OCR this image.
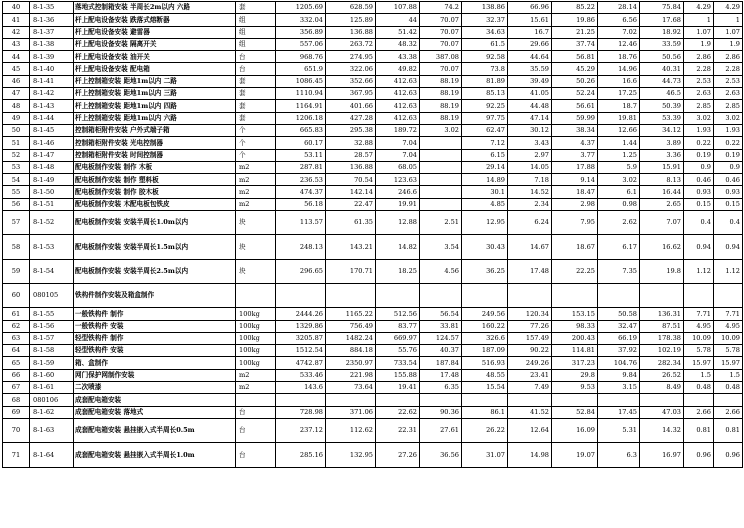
40	8-1-35	落地式控制箱安装 半周长2m以内 六路	套	1205.69	628.59	107.88	74.2	138.86	66.96	85.22	28.14	75.84	4.29	4.29
41	8-1-36	杆上配电设备安装 跌落式熔断器	组	332.04	125.89	44	70.07	32.37	15.61	19.86	6.56	17.68	1	1
42	8-1-37	杆上配电设备安装 避雷器	组	356.89	136.88	51.42	70.07	34.63	16.7	21.25	7.02	18.92	1.07	1.07
43	8-1-38	杆上配电设备安装 隔离开关	组	557.06	263.72	48.32	70.07	61.5	29.66	37.74	12.46	33.59	1.9	1.9
44	8-1-39	杆上配电设备安装 油开关	台	968.76	274.95	43.38	387.08	92.58	44.64	56.81	18.76	50.56	2.86	2.86
45	8-1-40	杆上配电设备安装 配电箱	台	651.9	322.06	49.82	70.07	73.8	35.59	45.29	14.96	40.31	2.28	2.28
46	8-1-41	杆上控制箱安装 距地1m以内 二路	套	1086.45	352.66	412.63	88.19	81.89	39.49	50.26	16.6	44.73	2.53	2.53
47	8-1-42	杆上控制箱安装 距地1m以内 三路	套	1110.94	367.95	412.63	88.19	85.13	41.05	52.24	17.25	46.5	2.63	2.63
48	8-1-43	杆上控制箱安装 距地1m以内 四路	套	1164.91	401.66	412.63	88.19	92.25	44.48	56.61	18.7	50.39	2.85	2.85
49	8-1-44	杆上控制箱安装 距地1m以内 六路	套	1206.18	427.28	412.63	88.19	97.75	47.14	59.99	19.81	53.39	3.02	3.02
50	8-1-45	控制箱柜附件安装 户外式端子箱	个	665.83	295.38	189.72	3.02	62.47	30.12	38.34	12.66	34.12	1.93	1.93
51	8-1-46	控制箱柜附件安装 光电控制器	个	60.17	32.88	7.04		7.12	3.43	4.37	1.44	3.89	0.22	0.22
52	8-1-47	控制箱柜附件安装 时间控制器	个	53.11	28.57	7.04		6.15	2.97	3.77	1.25	3.36	0.19	0.19
53	8-1-48	配电板制作安装 制作 木板	m2	287.81	136.88	68.05		29.14	14.05	17.88	5.9	15.91	0.9	0.9
54	8-1-49	配电板制作安装 制作 塑料板	m2	236.53	70.54	123.63		14.89	7.18	9.14	3.02	8.13	0.46	0.46
55	8-1-50	配电板制作安装 制作 胶木板	m2	474.37	142.14	246.6		30.1	14.52	18.47	6.1	16.44	0.93	0.93
56	8-1-51	配电板制作安装 木配电板包铁皮	m2	56.18	22.47	19.91		4.85	2.34	2.98	0.98	2.65	0.15	0.15
57	8-1-52	配电板制作安装 安装半周长1.0m以内	块	113.57	61.35	12.88	2.51	12.95	6.24	7.95	2.62	7.07	0.4	0.4
58	8-1-53	配电板制作安装 安装半周长1.5m以内	块	248.13	143.21	14.82	3.54	30.43	14.67	18.67	6.17	16.62	0.94	0.94
59	8-1-54	配电板制作安装 安装半周长2.5m以内	块	296.65	170.71	18.25	4.56	36.25	17.48	22.25	7.35	19.8	1.12	1.12
60	080105	铁构件制作安装及箱盒制作												
61	8-1-55	一般铁构件 制作	100kg	2444.26	1165.22	512.56	56.54	249.56	120.34	153.15	50.58	136.31	7.71	7.71
62	8-1-56	一般铁构件 安装	100kg	1329.86	756.49	83.77	33.81	160.22	77.26	98.33	32.47	87.51	4.95	4.95
63	8-1-57	轻型铁构件 制作	100kg	3205.87	1482.24	669.97	124.57	326.6	157.49	200.43	66.19	178.38	10.09	10.09
64	8-1-58	轻型铁构件 安装	100kg	1512.54	884.18	55.76	40.37	187.09	90.22	114.81	37.92	102.19	5.78	5.78
65	8-1-59	箱、盒制作	100kg	4742.87	2350.97	733.54	187.84	516.93	249.26	317.23	104.76	282.34	15.97	15.97
66	8-1-60	网门保护网制作安装	m2	533.46	221.98	155.88	17.48	48.55	23.41	29.8	9.84	26.52	1.5	1.5
67	8-1-61	二次喷漆	m2	143.6	73.64	19.41	6.35	15.54	7.49	9.53	3.15	8.49	0.48	0.48
68	080106	成套配电箱安装												
69	8-1-62	成套配电箱安装 落地式	台	728.98	371.06	22.62	90.36	86.1	41.52	52.84	17.45	47.03	2.66	2.66
70	8-1-63	成套配电箱安装 悬挂嵌入式半周长0.5m	台	237.12	112.62	22.31	27.61	26.22	12.64	16.09	5.31	14.32	0.81	0.81
71	8-1-64	成套配电箱安装 悬挂嵌入式半周长1.0m	台	285.16	132.95	27.26	36.56	31.07	14.98	19.07	6.3	16.97	0.96	0.96
